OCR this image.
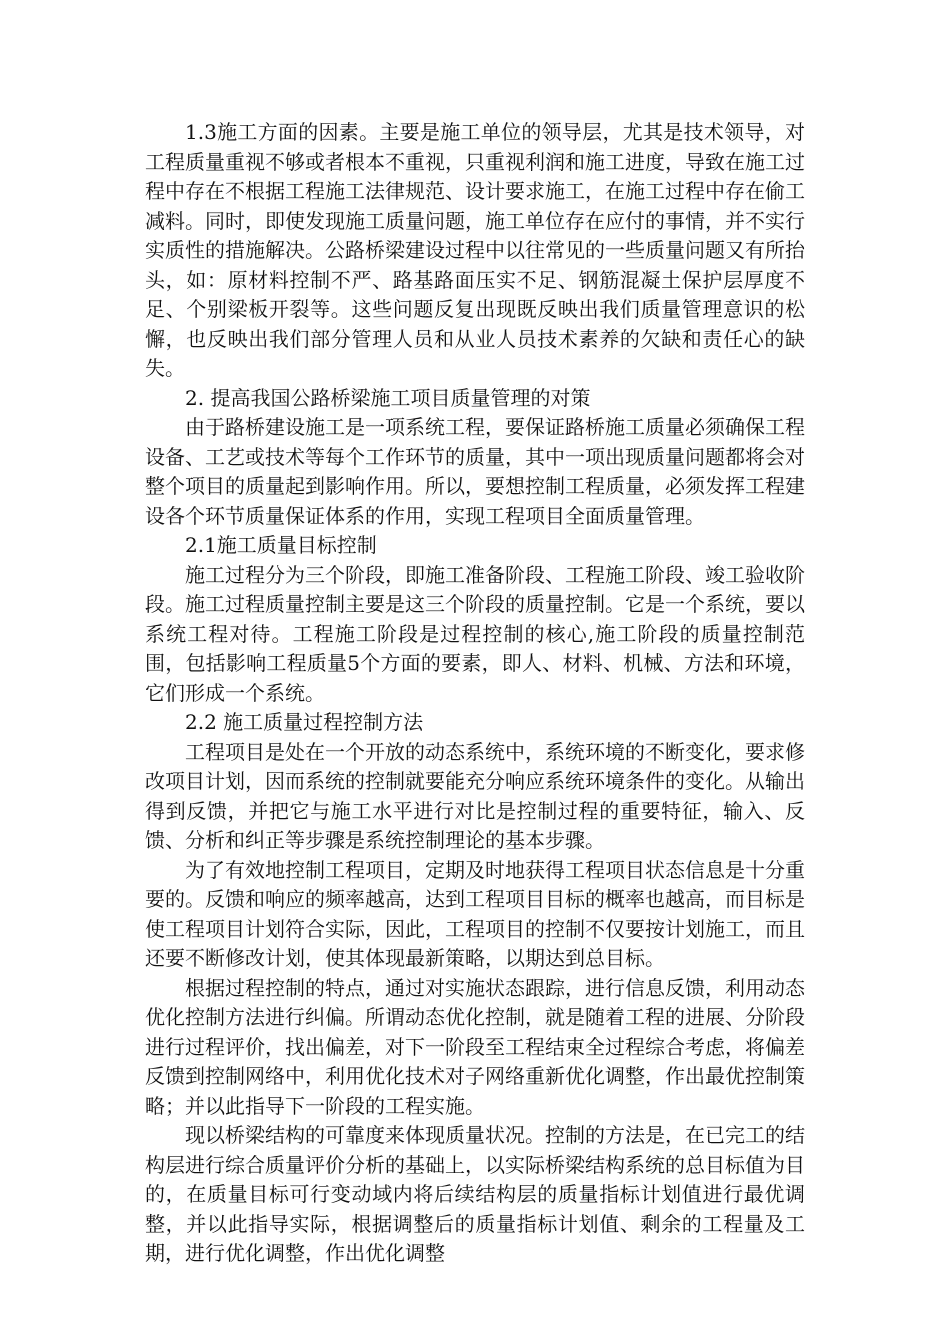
1.3施工方面的因素。主要是施工单位的领导层，尤其是技术领导，对工程质量重视不够或者根本不重视，只重视利润和施工进度，导致在施工过程中存在不根据工程施工法律规范、设计要求施工，在施工过程中存在偷工减料。同时，即使发现施工质量问题，施工单位存在应付的事情，并不实行实质性的措施解决。公路桥梁建设过程中以往常见的一些质量问题又有所抬头，如：原材料控制不严、路基路面压实不足、钢筋混凝土保护层厚度不足、个别梁板开裂等。这些问题反复出现既反映出我们质量管理意识的松懈，也反映出我们部分管理人员和从业人员技术素养的欠缺和责任心的缺失。

2. 提高我国公路桥梁施工项目质量管理的对策

由于路桥建设施工是一项系统工程，要保证路桥施工质量必须确保工程设备、工艺或技术等每个工作环节的质量，其中一项出现质量问题都将会对整个项目的质量起到影响作用。所以，要想控制工程质量，必须发挥工程建设各个环节质量保证体系的作用，实现工程项目全面质量管理。

2.1施工质量目标控制

施工过程分为三个阶段，即施工准备阶段、工程施工阶段、竣工验收阶段。施工过程质量控制主要是这三个阶段的质量控制。它是一个系统，要以系统工程对待。工程施工阶段是过程控制的核心,施工阶段的质量控制范围，包括影响工程质量5个方面的要素，即人、材料、机械、方法和环境，它们形成一个系统。

2.2 施工质量过程控制方法

工程项目是处在一个开放的动态系统中，系统环境的不断变化，要求修改项目计划，因而系统的控制就要能充分响应系统环境条件的变化。从输出得到反馈，并把它与施工水平进行对比是控制过程的重要特征，输入、反馈、分析和纠正等步骤是系统控制理论的基本步骤。

为了有效地控制工程项目，定期及时地获得工程项目状态信息是十分重要的。反馈和响应的频率越高，达到工程项目目标的概率也越高，而目标是使工程项目计划符合实际，因此，工程项目的控制不仅要按计划施工，而且还要不断修改计划，使其体现最新策略，以期达到总目标。

根据过程控制的特点，通过对实施状态跟踪，进行信息反馈，利用动态优化控制方法进行纠偏。所谓动态优化控制，就是随着工程的进展、分阶段进行过程评价，找出偏差，对下一阶段至工程结束全过程综合考虑，将偏差反馈到控制网络中，利用优化技术对子网络重新优化调整，作出最优控制策略；并以此指导下一阶段的工程实施。

现以桥梁结构的可靠度来体现质量状况。控制的方法是，在已完工的结构层进行综合质量评价分析的基础上，以实际桥梁结构系统的总目标值为目的，在质量目标可行变动域内将后续结构层的质量指标计划值进行最优调整，并以此指导实际，根据调整后的质量指标计划值、剩余的工程量及工期，进行优化调整，作出优化调整
